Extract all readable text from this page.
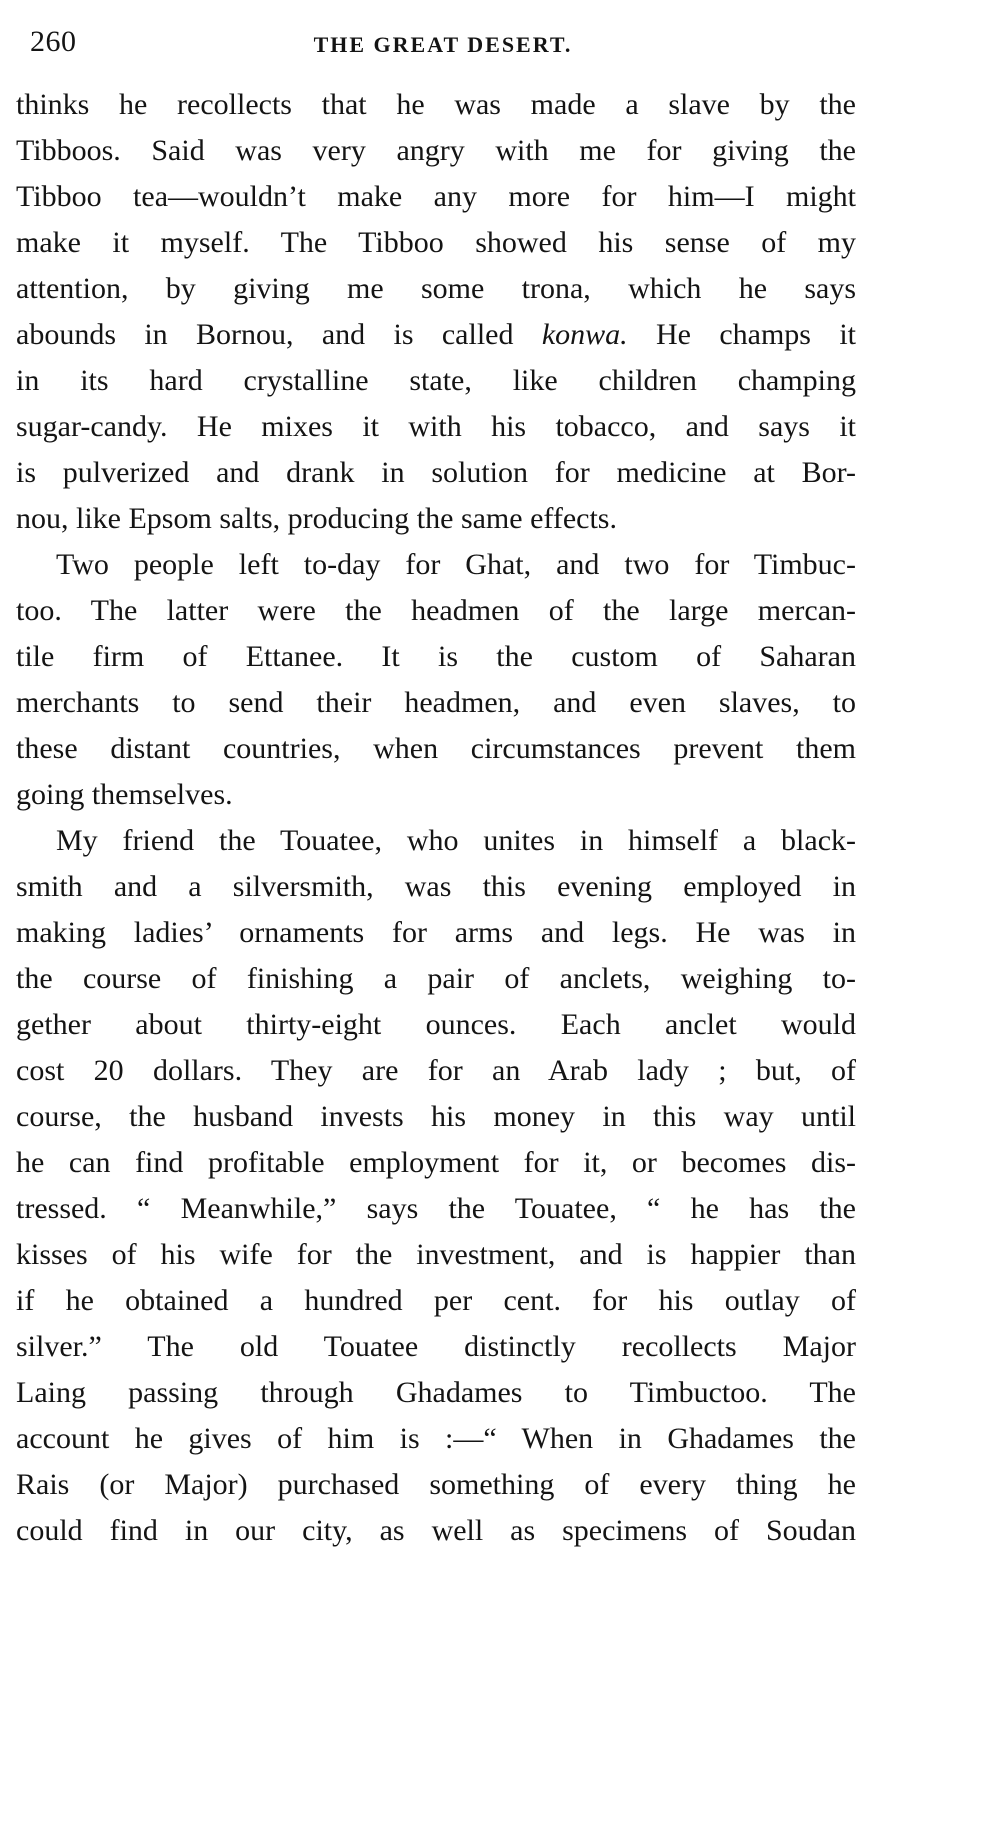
260	THE GREAT DESERT.
thinks he recollects that he was made a slave by the
Tibboos. Said was very angry with me for giving the
Tibboo tea—wouldn’t make any more for him—I might
make it myself. The Tibboo showed his sense of my
attention, by giving me some trona, which he says
abounds in Bornou, and is called konwa. He champs it
in its hard crystalline state, like children champing
sugar-candy. He mixes it with his tobacco, and says it
is pulverized and drank in solution for medicine at Bor-
nou, like Epsom salts, producing the same effects.
Two people left to-day for Ghat, and two for Timbuc-
too. The latter were the headmen of the large mercan-
tile firm of Ettanee. It is the custom of Saharan
merchants to send their headmen, and even slaves, to
these distant countries, when circumstances prevent them
going themselves.
My friend the Touatee, who unites in himself a black-
smith and a silversmith, was this evening employed in
making ladies’ ornaments for arms and legs. He was in
the course of finishing a pair of anclets, weighing to-
gether about thirty-eight ounces. Each anclet would
cost 20 dollars. They are for an Arab lady ; but, of
course, the husband invests his money in this way until
he can find profitable employment for it, or becomes dis-
tressed. “ Meanwhile,” says the Touatee, “ he has the
kisses of his wife for the investment, and is happier than
if he obtained a hundred per cent. for his outlay of
silver.” The old Touatee distinctly recollects Major
Laing passing through Ghadames to Timbuctoo. The
account he gives of him is :—“ When in Ghadames the
Rais (or Major) purchased something of every thing he
could find in our city, as well as specimens of Soudan
